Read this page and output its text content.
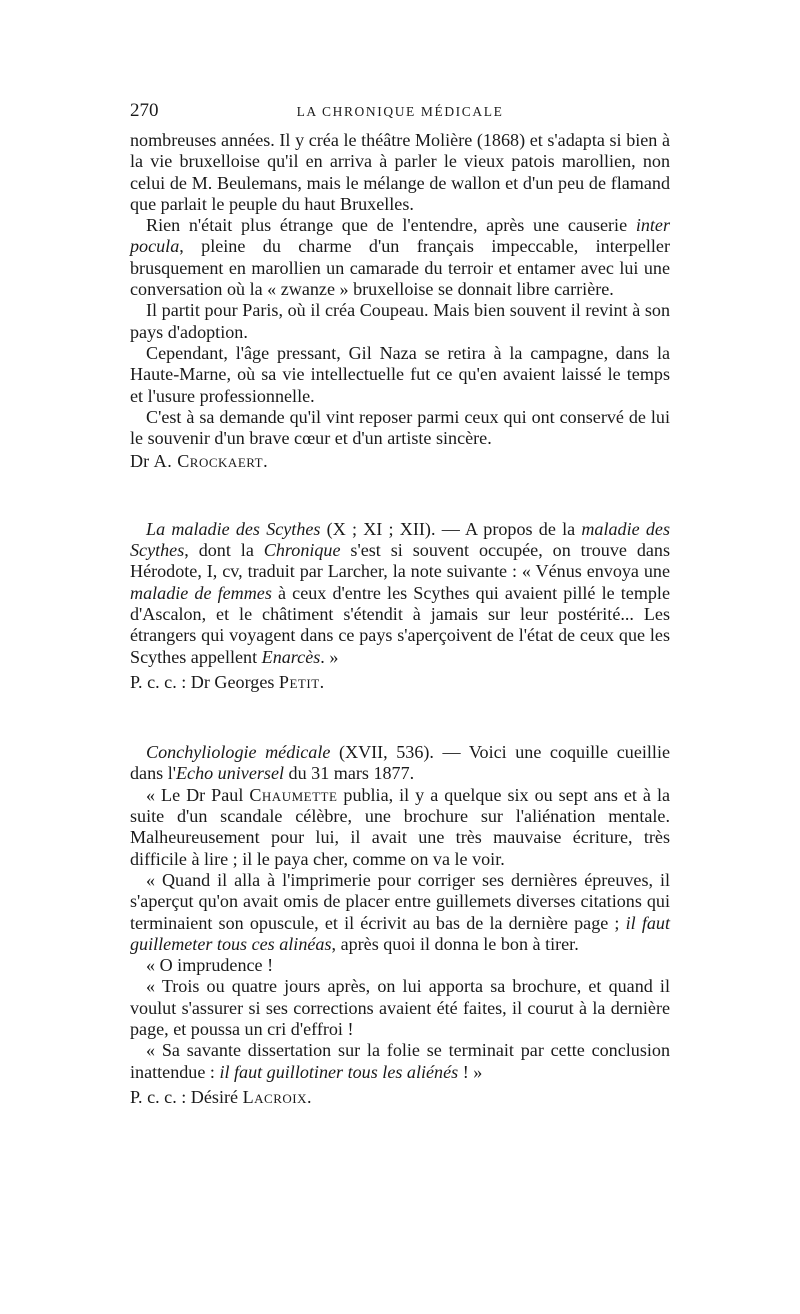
270	LA CHRONIQUE MÉDICALE

nombreuses années. Il y créa le théâtre Molière (1868) et s'adapta si bien à la vie bruxelloise qu'il en arriva à parler le vieux patois marollien, non celui de M. Beulemans, mais le mélange de wallon et d'un peu de flamand que parlait le peuple du haut Bruxelles.

Rien n'était plus étrange que de l'entendre, après une causerie inter pocula, pleine du charme d'un français impeccable, interpeller brusquement en marollien un camarade du terroir et entamer avec lui une conversation où la « zwanze » bruxelloise se donnait libre carrière.

Il partit pour Paris, où il créa Coupeau. Mais bien souvent il revint à son pays d'adoption.

Cependant, l'âge pressant, Gil Naza se retira à la campagne, dans la Haute-Marne, où sa vie intellectuelle fut ce qu'en avaient laissé le temps et l'usure professionnelle.

C'est à sa demande qu'il vint reposer parmi ceux qui ont conservé de lui le souvenir d'un brave cœur et d'un artiste sincère.

Dr A. Crockaert.

La maladie des Scythes (X ; XI ; XII). — A propos de la maladie des Scythes, dont la Chronique s'est si souvent occupée, on trouve dans Hérodote, I, cv, traduit par Larcher, la note suivante : « Vénus envoya une maladie de femmes à ceux d'entre les Scythes qui avaient pillé le temple d'Ascalon, et le châtiment s'étendit à jamais sur leur postérité... Les étrangers qui voyagent dans ce pays s'aperçoivent de l'état de ceux que les Scythes appellent Enarcès. »

P. c. c. : Dr Georges Petit.

Conchyliologie médicale (XVII, 536). — Voici une coquille cueillie dans l'Echo universel du 31 mars 1877.

« Le Dr Paul Chaumette publia, il y a quelque six ou sept ans et à la suite d'un scandale célèbre, une brochure sur l'aliénation mentale. Malheureusement pour lui, il avait une très mauvaise écriture, très difficile à lire ; il le paya cher, comme on va le voir.

« Quand il alla à l'imprimerie pour corriger ses dernières épreuves, il s'aperçut qu'on avait omis de placer entre guillemets diverses citations qui terminaient son opuscule, et il écrivit au bas de la dernière page ; il faut guillemeter tous ces alinéas, après quoi il donna le bon à tirer.

« O imprudence !

« Trois ou quatre jours après, on lui apporta sa brochure, et quand il voulut s'assurer si ses corrections avaient été faites, il courut à la dernière page, et poussa un cri d'effroi !

« Sa savante dissertation sur la folie se terminait par cette conclusion inattendue : il faut guillotiner tous les aliénés ! »

P. c. c. : Désiré Lacroix.
